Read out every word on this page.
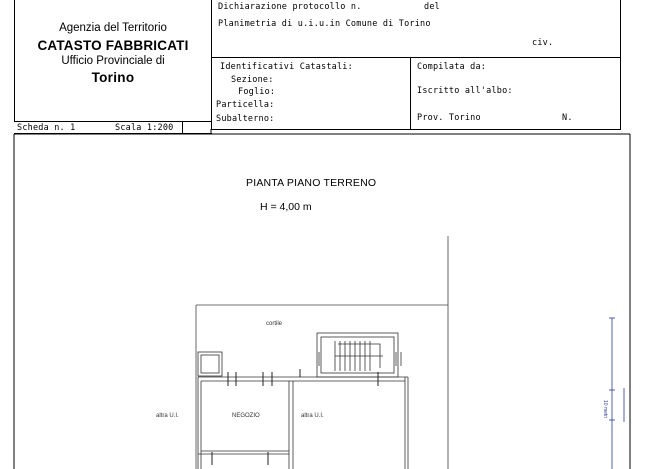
Agenzia del Territorio
CATASTO FABBRICATI
Ufficio Provinciale di
Torino
Dichiarazione protocollo n.	del
Planimetria di u.i.u.in Comune di Torino
civ.
Identificativi Catastali:
Sezione:
Foglio:
Particella:
Subalterno:
Compilata da:
Iscritto all'albo:
Prov. Torino	N.
Scheda n. 1	Scala 1:200
PIANTA PIANO TERRENO
H = 4,00 m
cortile
NEGOZIO
altra U.I.	altra U.I.	10 metri
